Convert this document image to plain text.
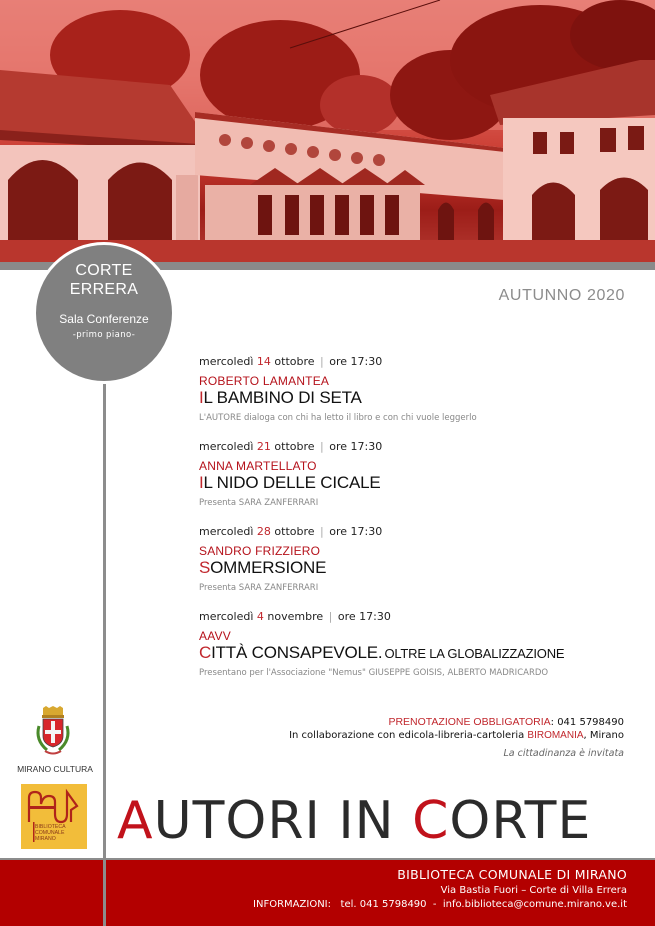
CORTE
ERRERA
Sala Conferenze
-primo piano-
AUTUNNO 2020
mercoledì 14 ottobre | ore 17:30
ROBERTO LAMANTEA
IL BAMBINO DI SETA
L'AUTORE dialoga con chi ha letto il libro e con chi vuole leggerlo
mercoledì 21 ottobre | ore 17:30
ANNA MARTELLATO
IL NIDO DELLE CICALE
Presenta SARA ZANFERRARI
mercoledì 28 ottobre | ore 17:30
SANDRO FRIZZIERO
SOMMERSIONE
Presenta SARA ZANFERRARI
mercoledì 4 novembre | ore 17:30
AAVV
CITTÀ CONSAPEVOLE. OLTRE LA GLOBALIZZAZIONE
Presentano per l'Associazione "Nemus" GIUSEPPE GOISIS, ALBERTO MADRICARDO
PRENOTAZIONE OBBLIGATORIA: 041 5798490
In collaborazione con edicola-libreria-cartoleria BIROMANIA, Mirano
La cittadinanza è invitata
MIRANO CULTURA
BIBLIOTECA
COMUNALE
MIRANO AUTORI IN CORTE
BIBLIOTECA COMUNALE DI MIRANO
Via Bastia Fuori – Corte di Villa Errera
INFORMAZIONI:   tel. 041 5798490  -  info.biblioteca@comune.mirano.ve.it
